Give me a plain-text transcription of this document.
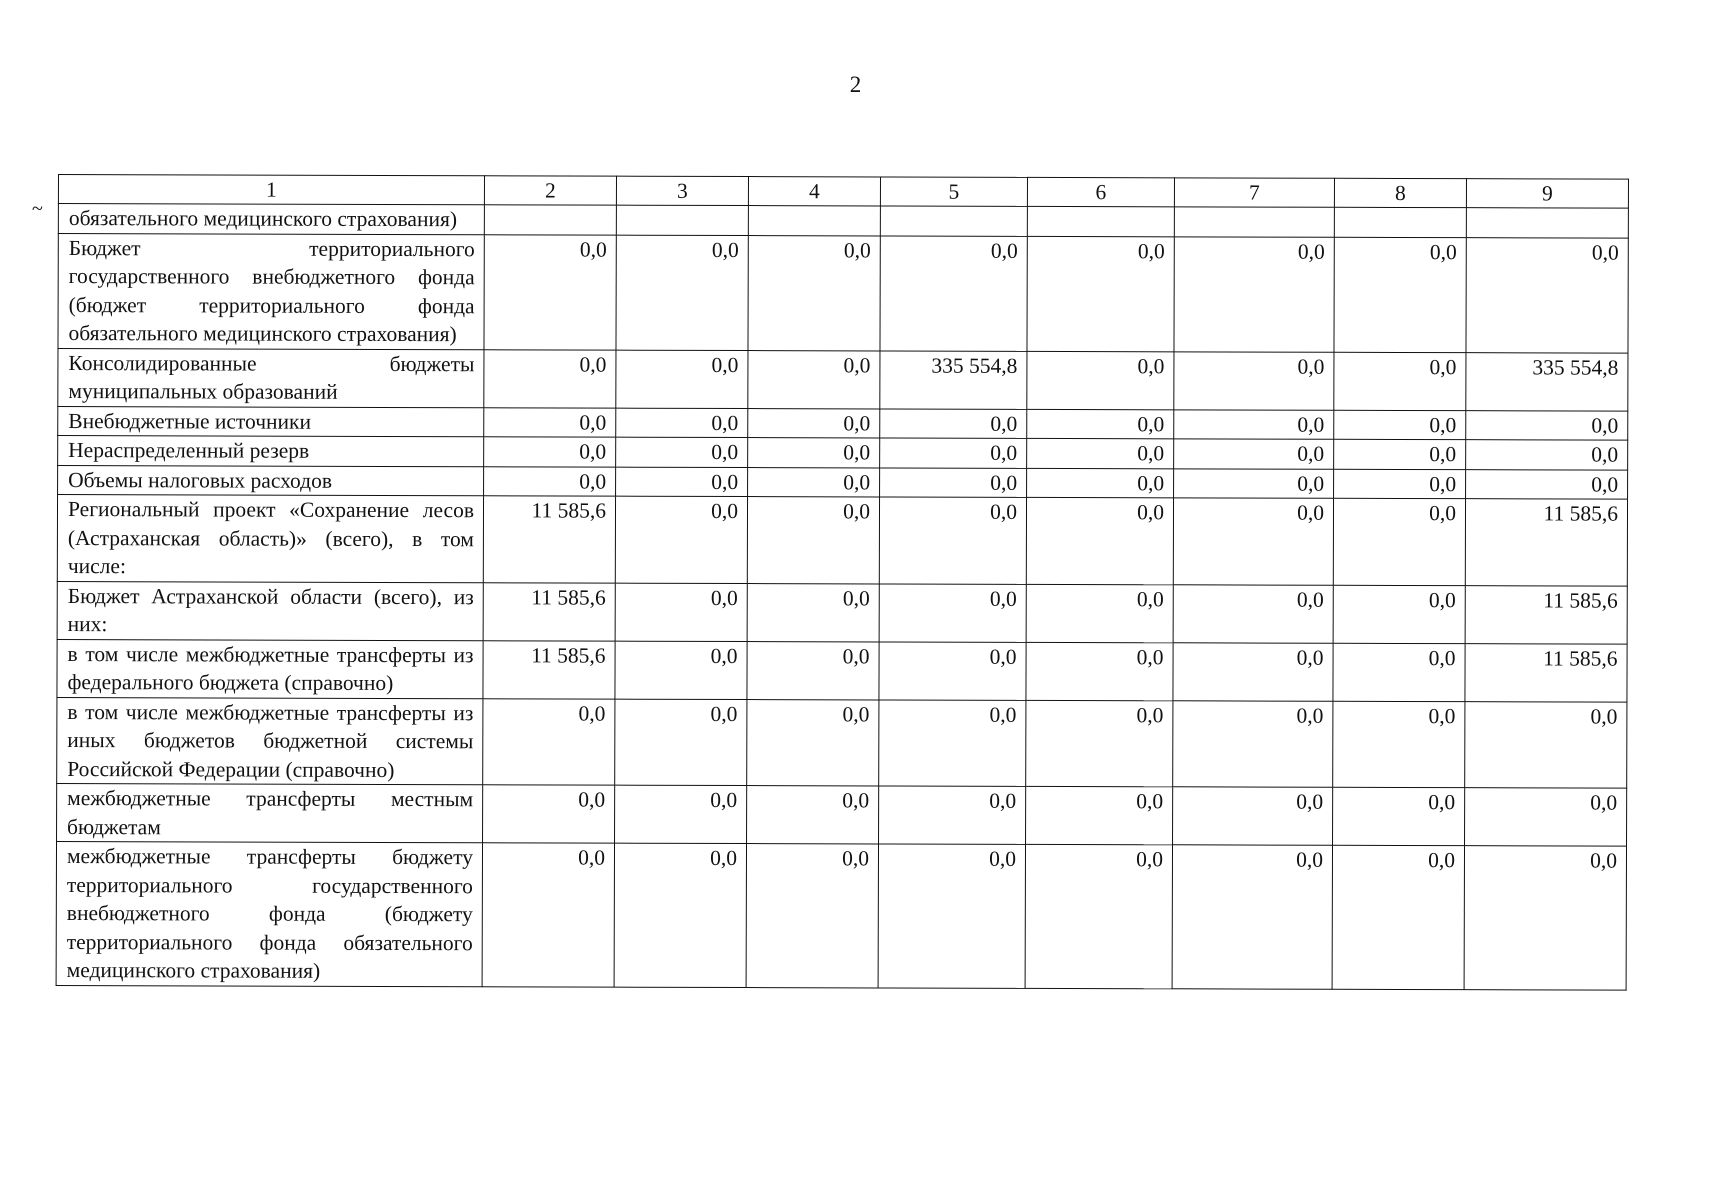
2
~
1	2	3	4	5	6	7	8	9
обязательного медицинского страхования)								
Бюджет территориального государственного внебюджетного фонда (бюджет территориального фонда обязательного медицинского страхования)	0,0	0,0	0,0	0,0	0,0	0,0	0,0	0,0
Консолидированные бюджеты муниципальных образований	0,0	0,0	0,0	335 554,8	0,0	0,0	0,0	335 554,8
Внебюджетные источники	0,0	0,0	0,0	0,0	0,0	0,0	0,0	0,0
Нераспределенный резерв	0,0	0,0	0,0	0,0	0,0	0,0	0,0	0,0
Объемы налоговых расходов	0,0	0,0	0,0	0,0	0,0	0,0	0,0	0,0
Региональный проект «Сохранение лесов (Астраханская область)» (всего), в том числе:	11 585,6	0,0	0,0	0,0	0,0	0,0	0,0	11 585,6
Бюджет Астраханской области (всего), из них:	11 585,6	0,0	0,0	0,0	0,0	0,0	0,0	11 585,6
в том числе межбюджетные трансферты из федерального бюджета (справочно)	11 585,6	0,0	0,0	0,0	0,0	0,0	0,0	11 585,6
в том числе межбюджетные трансферты из иных бюджетов бюджетной системы Российской Федерации (справочно)	0,0	0,0	0,0	0,0	0,0	0,0	0,0	0,0
межбюджетные трансферты местным бюджетам	0,0	0,0	0,0	0,0	0,0	0,0	0,0	0,0
межбюджетные трансферты бюджету территориального государственного внебюджетного фонда (бюджету территориального фонда обязательного медицинского страхования)	0,0	0,0	0,0	0,0	0,0	0,0	0,0	0,0
